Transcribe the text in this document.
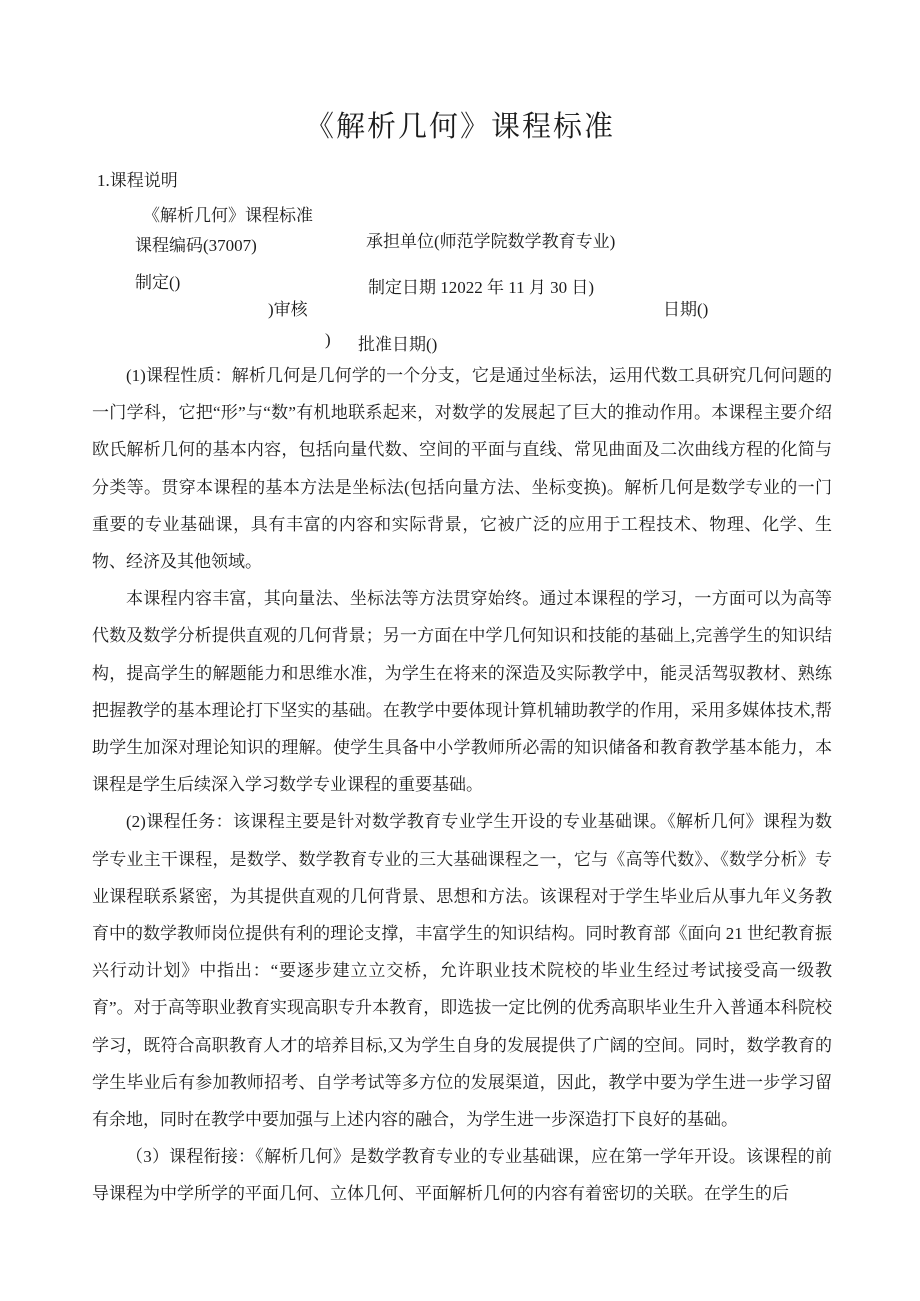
《解析几何》课程标准
1.课程说明
《解析几何》课程标准
课程编码(37007)	承担单位(师范学院数学教育专业)
制定()	制定日期 12022 年 11 月 30 日)
)审核	日期()
) 批准日期()

(1)课程性质：解析几何是几何学的一个分支，它是通过坐标法，运用代数工具研究几何问题的一门学科，它把“形”与“数”有机地联系起来，对数学的发展起了巨大的推动作用。本课程主要介绍欧氏解析几何的基本内容，包括向量代数、空间的平面与直线、常见曲面及二次曲线方程的化简与分类等。贯穿本课程的基本方法是坐标法(包括向量方法、坐标变换)。解析几何是数学专业的一门重要的专业基础课，具有丰富的内容和实际背景，它被广泛的应用于工程技术、物理、化学、生物、经济及其他领域。

本课程内容丰富，其向量法、坐标法等方法贯穿始终。通过本课程的学习，一方面可以为高等代数及数学分析提供直观的几何背景；另一方面在中学几何知识和技能的基础上,完善学生的知识结构，提高学生的解题能力和思维水准，为学生在将来的深造及实际教学中，能灵活驾驭教材、熟练把握教学的基本理论打下坚实的基础。在教学中要体现计算机辅助教学的作用，采用多媒体技术,帮助学生加深对理论知识的理解。使学生具备中小学教师所必需的知识储备和教育教学基本能力，本课程是学生后续深入学习数学专业课程的重要基础。

(2)课程任务：该课程主要是针对数学教育专业学生开设的专业基础课。《解析几何》课程为数学专业主干课程，是数学、数学教育专业的三大基础课程之一，它与《高等代数》、《数学分析》专业课程联系紧密，为其提供直观的几何背景、思想和方法。该课程对于学生毕业后从事九年义务教育中的数学教师岗位提供有利的理论支撑，丰富学生的知识结构。同时教育部《面向 21 世纪教育振兴行动计划》中指出：“要逐步建立立交桥，允许职业技术院校的毕业生经过考试接受高一级教育”。对于高等职业教育实现高职专升本教育，即选拔一定比例的优秀高职毕业生升入普通本科院校学习，既符合高职教育人才的培养目标,又为学生自身的发展提供了广阔的空间。同时，数学教育的学生毕业后有参加教师招考、自学考试等多方位的发展渠道，因此，教学中要为学生进一步学习留有余地，同时在教学中要加强与上述内容的融合，为学生进一步深造打下良好的基础。

（3）课程衔接：《解析几何》是数学教育专业的专业基础课，应在第一学年开设。该课程的前导课程为中学所学的平面几何、立体几何、平面解析几何的内容有着密切的关联。在学生的后
